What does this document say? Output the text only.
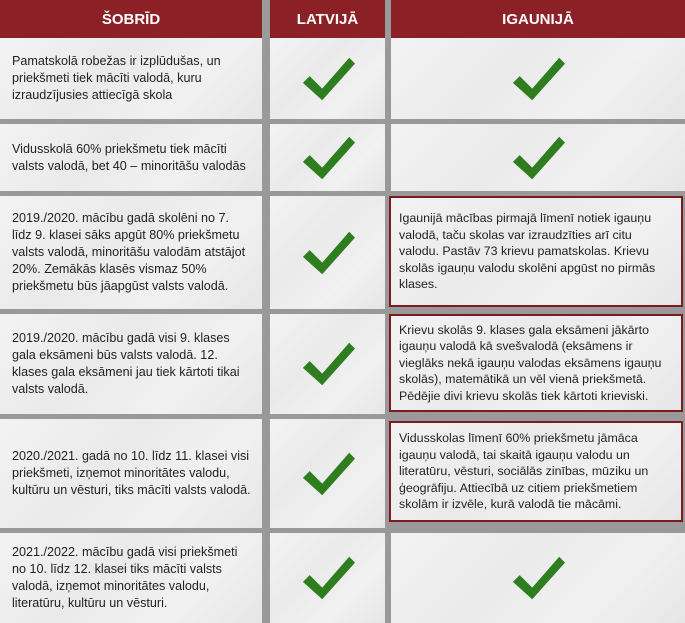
ŠOBRĪD	LATVIJĀ	IGAUNIJĀ
Pamatskolā robežas ir izplūdušas, un priekšmeti tiek mācīti valodā, kuru izraudzījusies attiecīgā skola
Vidusskolā 60% priekšmetu tiek mācīti valsts valodā, bet 40 – minoritāšu valodās
2019./2020. mācību gadā skolēni no 7. līdz 9. klasei sāks apgūt 80% priekšmetu valsts valodā, minoritāšu valodām atstājot 20%. Zemākās klasēs vismaz 50% priekšmetu būs jāapgūst valsts valodā.
Igaunijā mācības pirmajā līmenī notiek igauņu valodā, taču skolas var izraudzīties arī citu valodu. Pastāv 73 krievu pamatskolas. Krievu skolās igauņu valodu skolēni apgūst no pirmās klases.
2019./2020. mācību gadā visi 9. klases gala eksāmeni būs valsts valodā. 12. klases gala eksāmeni jau tiek kārtoti tikai valsts valodā.
Krievu skolās 9. klases gala eksāmeni jākārto igauņu valodā kā svešvalodā (eksāmens ir vieglāks nekā igauņu valodas eksāmens igauņu skolās), matemātikā un vēl vienā priekšmetā. Pēdējie divi krievu skolās tiek kārtoti krieviski.
2020./2021. gadā no 10. līdz 11. klasei visi priekšmeti, izņemot minoritātes valodu, kultūru un vēsturi, tiks mācīti valsts valodā.
Vidusskolas līmenī 60% priekšmetu jāmāca igauņu valodā, tai skaitā igauņu valodu un literatūru, vēsturi, sociālās zinības, mūziku un ģeogrāfiju. Attiecībā uz citiem priekšmetiem skolām ir izvēle, kurā valodā tie mācāmi.
2021./2022. mācību gadā visi priekšmeti no 10. līdz 12. klasei tiks mācīti valsts valodā, izņemot minoritātes valodu, literatūru, kultūru un vēsturi.
